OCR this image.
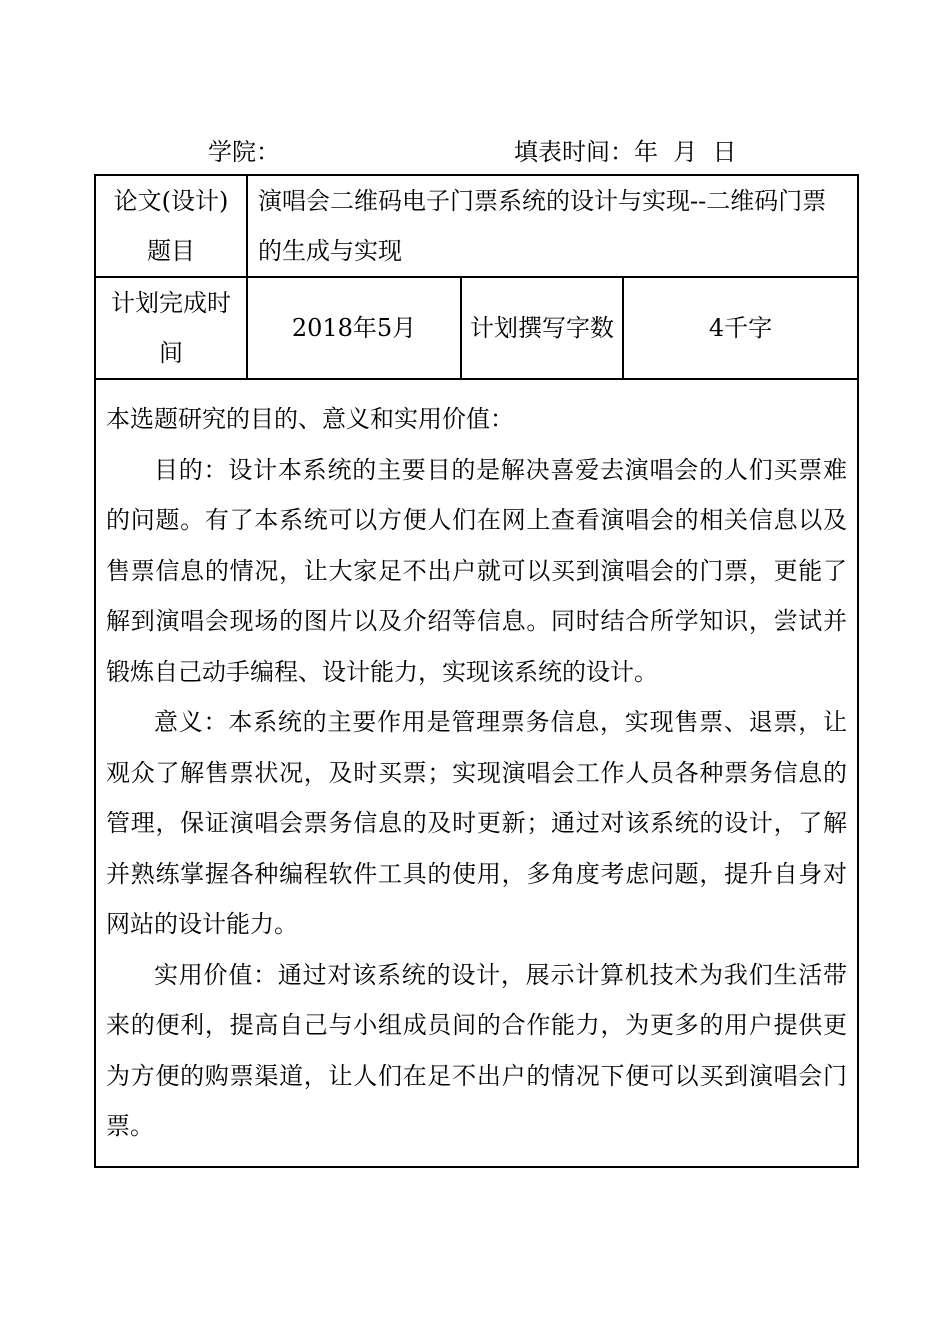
学院：	填表时间：年  月  日
论文(设计)题目	演唱会二维码电子门票系统的设计与实现--二维码门票的生成与实现		
计划完成时间	2018年5月	计划撰写字数	4千字

本选题研究的目的、意义和实用价值：

目的：设计本系统的主要目的是解决喜爱去演唱会的人们买票难的问题。有了本系统可以方便人们在网上查看演唱会的相关信息以及售票信息的情况，让大家足不出户就可以买到演唱会的门票，更能了解到演唱会现场的图片以及介绍等信息。同时结合所学知识，尝试并锻炼自己动手编程、设计能力，实现该系统的设计。

意义：本系统的主要作用是管理票务信息，实现售票、退票，让观众了解售票状况，及时买票；实现演唱会工作人员各种票务信息的管理，保证演唱会票务信息的及时更新；通过对该系统的设计，了解并熟练掌握各种编程软件工具的使用，多角度考虑问题，提升自身对网站的设计能力。

实用价值：通过对该系统的设计，展示计算机技术为我们生活带来的便利，提高自己与小组成员间的合作能力，为更多的用户提供更为方便的购票渠道，让人们在足不出户的情况下便可以买到演唱会门票。			
